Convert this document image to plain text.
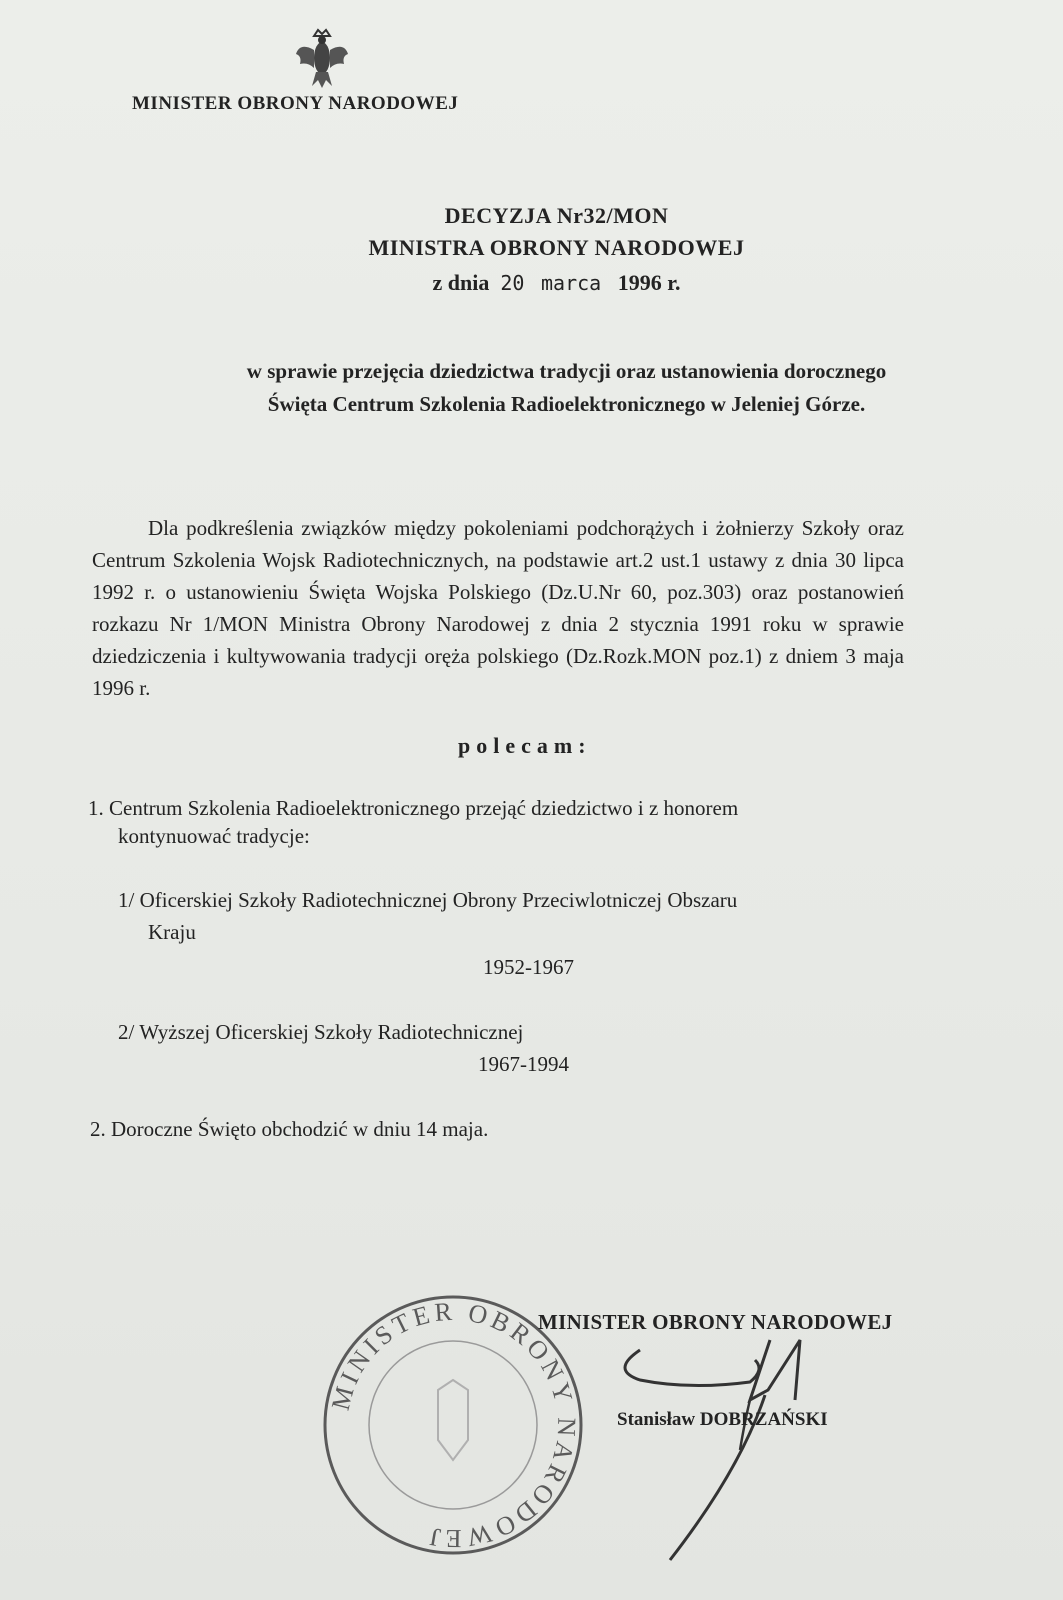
MINISTER OBRONY NARODOWEJ
DECYZJA Nr32/MON
MINISTRA OBRONY NARODOWEJ
z dnia 20 marca 1996 r.
w sprawie przejęcia dziedzictwa tradycji oraz ustanowienia dorocznego
Święta Centrum Szkolenia Radioelektronicznego w Jeleniej Górze.

Dla podkreślenia związków między pokoleniami podchorążych i żołnierzy Szkoły oraz Centrum Szkolenia Wojsk Radiotechnicznych, na podstawie art.2 ust.1 ustawy z dnia 30 lipca 1992 r. o ustanowieniu Święta Wojska Polskiego (Dz.U.Nr 60, poz.303) oraz postanowień rozkazu Nr 1/MON Ministra Obrony Narodowej z dnia 2 stycznia 1991 roku w sprawie dziedziczenia i kultywowania tradycji oręża polskiego (Dz.Rozk.MON poz.1) z dniem 3 maja 1996 r.

polecam:
1. Centrum Szkolenia Radioelektronicznego przejąć dziedzictwo i z honorem
kontynuować tradycje:
1/ Oficerskiej Szkoły Radiotechnicznej Obrony Przeciwlotniczej Obszaru
Kraju
1952-1967
2/ Wyższej Oficerskiej Szkoły Radiotechnicznej
1967-1994
2. Doroczne Święto obchodzić w dniu 14 maja.
MINISTER OBRONY NARODOWEJ
MINISTER OBRONY NARODOWEJ
Stanisław DOBRZAŃSKI
